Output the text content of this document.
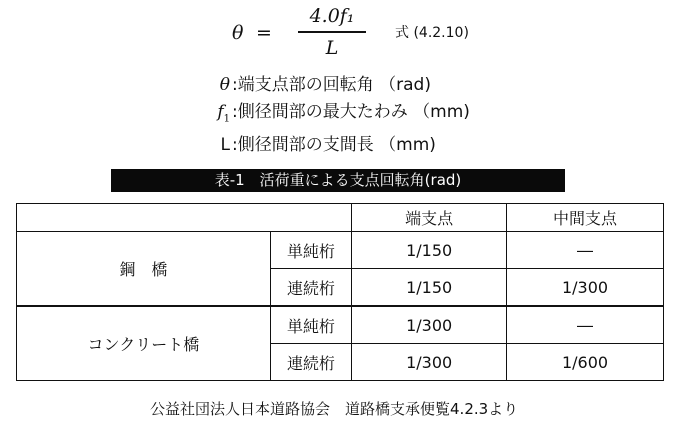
θ =
4.0f₁
L
式 (4.2.10)
θ :端支点部の回転角 （rad)
$f_1$ :側径間部の最大たわみ （mm)
L :側径間部の支間長 （mm)
表-1　活荷重による支点回転角(rad)
		端支点	中間支点
鋼　橋	単純桁	1/150	―
	連続桁	1/150	1/300
コンクリート橋	単純桁	1/300	―
	連続桁	1/300	1/600
公益社団法人日本道路協会　道路橋支承便覧4.2.3より
